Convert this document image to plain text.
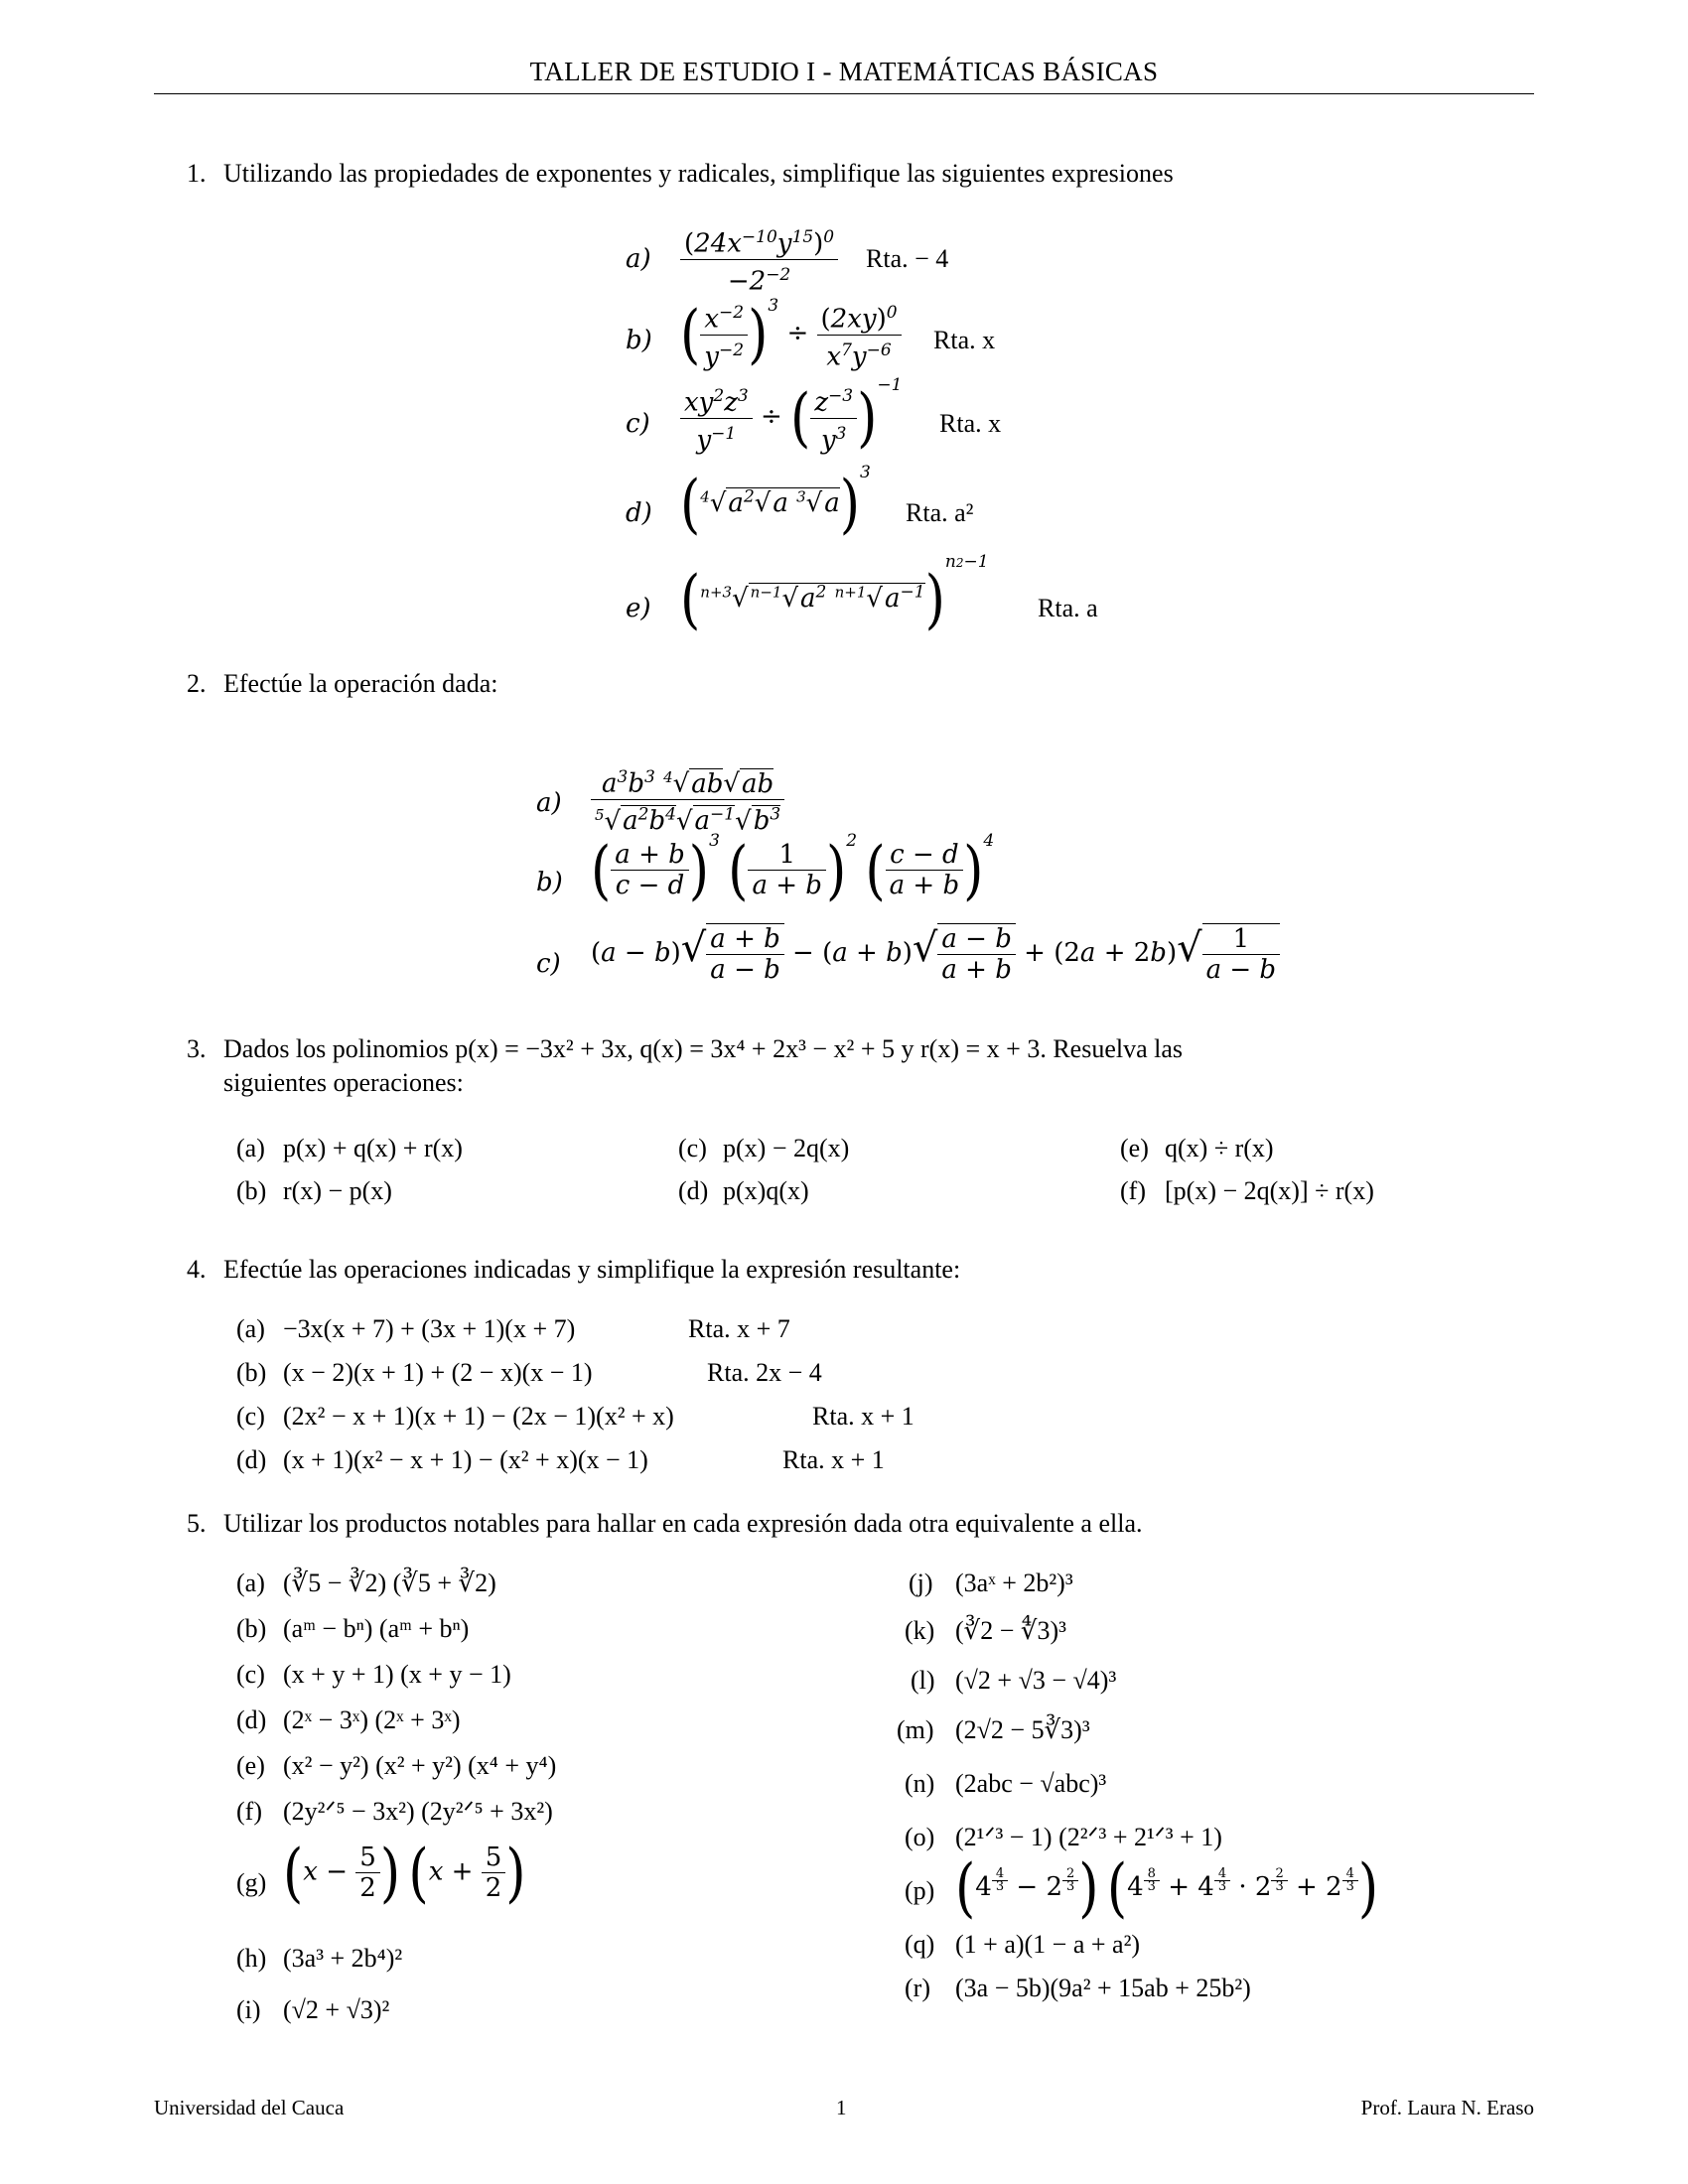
TALLER DE ESTUDIO I - MATEMÁTICAS BÁSICAS
1. Utilizando las propiedades de exponentes y radicales, simplifique las siguientes expresiones
$a) \frac{(24x^{-10}y^{15})^0}{-2^{-2}}$ Rta. − 4
b) ( $\frac{x^{-2}}{y^{-2}} )^3 \div \frac{(2xy)^0}{x^7y^{-6}}$ Rta. x
$c) \frac{xy^2z^3}{y^{-1}}$ ÷ ( $\frac{z^{-3}}{y^3} )^{-1}$
Rta. x
d) ($^4√a^2√a$ $^3$√a)$^3$
Rta. a²
e) ($^{n+3}$√ $^{n-1}√a^2$ $^{n+1}√a^{-1})^{n2-1}$
Rta. a
2. Efectúe la operación dada:
$a) \frac{a^3b^3 ^4√ab√ab}{^5√a^2b^4√a^{-1}√b^3}$
b) ( $\frac{a + b}{c - d} )^3$ ( $\frac{1}{a + b} )^2$ ( $\frac{c - d}{a + b} )^4$
c) $(a - b)√ \frac{a + b}{a - b} - (a + b)√ \frac{a - b}{a + b} + (2a + 2b)√ \frac{1}{a - b}$
3. Dados los polinomios p(x) = −3x² + 3x, q(x) = 3x⁴ + 2x³ − x² + 5 y r(x) = x + 3. Resuelva las
siguientes operaciones:
(a) p(x) + q(x) + r(x)
(b) r(x) − p(x)
(c) p(x) − 2q(x)
(d) p(x)q(x)
(e) q(x) ÷ r(x)
(f) [p(x) − 2q(x)] ÷ r(x)
4. Efectúe las operaciones indicadas y simplifique la expresión resultante:
(a) −3x(x + 7) + (3x + 1)(x + 7)	Rta. x + 7
(b) (x − 2)(x + 1) + (2 − x)(x − 1)	Rta. 2x − 4
(c) (2x² − x + 1)(x + 1) − (2x − 1)(x² + x)	Rta. x + 1
(d) (x + 1)(x² − x + 1) − (x² + x)(x − 1)	Rta. x + 1
5. Utilizar los productos notables para hallar en cada expresión dada otra equivalente a ella.
(a) (∛5 − ∛2) (∛5 + ∛2)
(b) (aᵐ − bⁿ) (aᵐ + bⁿ)
(c) (x + y + 1) (x + y − 1)
(d) (2ˣ − 3ˣ) (2ˣ + 3ˣ)
(e) (x² − y²) (x² + y²) (x⁴ + y⁴)
(f) (2y²ᐟ⁵ − 3x²) (2y²ᐟ⁵ + 3x²)
(g) ($x - \frac{5}{2}$ ) ($x + \frac{5}{2}$ )
(h) (3a³ + 2b⁴)²
(i) (√2 + √3)²
(j) (3aˣ + 2b²)³
(k) (∛2 − ∜3)³
(l) (√2 + √3 − √4)³
(m) (2√2 − 5∛3)³
(n) (2abc − √abc)³
(o) (2¹ᐟ³ − 1) (2²ᐟ³ + 2¹ᐟ³ + 1)
(p) (4 $^{\frac{4}{3}}$ − 2 $^{\frac{2}{3}}$ ) (4 $^{\frac{8}{3}}$ + 4 $^{\frac{4}{3}}$ · 2 $^{\frac{2}{3}}$ + 2 $^{\frac{4}{3}}$ )
(q) (1 + a)(1 − a + a²)
(r) (3a − 5b)(9a² + 15ab + 25b²)
Universidad del Cauca	1	Prof. Laura N. Eraso
